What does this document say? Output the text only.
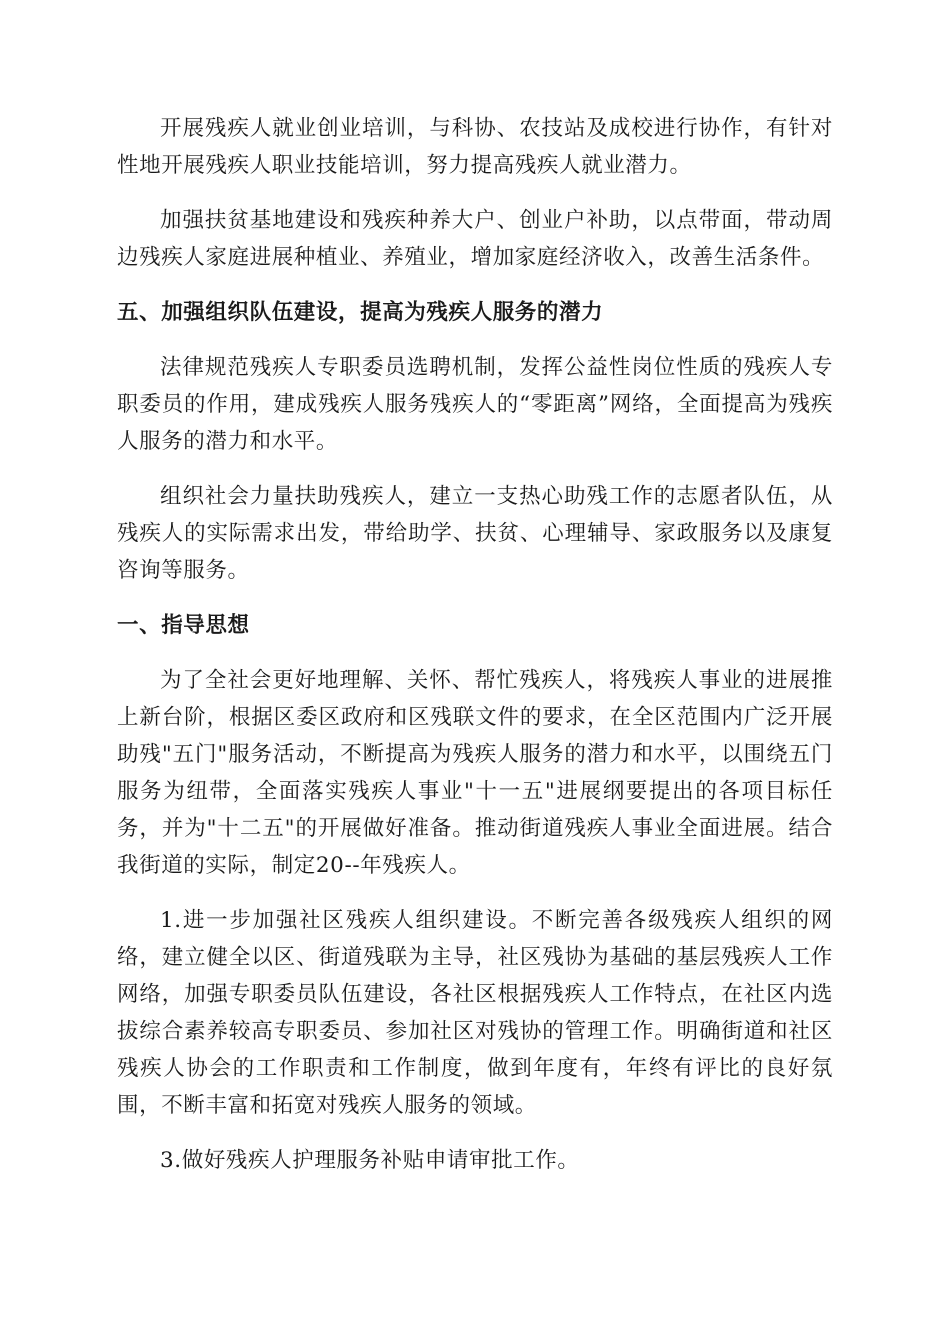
开展残疾人就业创业培训，与科协、农技站及成校进行协作，有针对性地开展残疾人职业技能培训，努力提高残疾人就业潜力。

加强扶贫基地建设和残疾种养大户、创业户补助，以点带面，带动周边残疾人家庭进展种植业、养殖业，增加家庭经济收入，改善生活条件。

五、加强组织队伍建设，提高为残疾人服务的潜力

法律规范残疾人专职委员选聘机制，发挥公益性岗位性质的残疾人专职委员的作用，建成残疾人服务残疾人的“零距离”网络，全面提高为残疾人服务的潜力和水平。

组织社会力量扶助残疾人，建立一支热心助残工作的志愿者队伍，从残疾人的实际需求出发，带给助学、扶贫、心理辅导、家政服务以及康复咨询等服务。

一、指导思想

为了全社会更好地理解、关怀、帮忙残疾人，将残疾人事业的进展推上新台阶，根据区委区政府和区残联文件的要求，在全区范围内广泛开展助残"五门"服务活动，不断提高为残疾人服务的潜力和水平，以围绕五门服务为纽带，全面落实残疾人事业"十一五"进展纲要提出的各项目标任务，并为"十二五"的开展做好准备。推动街道残疾人事业全面进展。结合我街道的实际，制定20--年残疾人。

1.进一步加强社区残疾人组织建设。不断完善各级残疾人组织的网络，建立健全以区、街道残联为主导，社区残协为基础的基层残疾人工作网络，加强专职委员队伍建设，各社区根据残疾人工作特点，在社区内选拔综合素养较高专职委员、参加社区对残协的管理工作。明确街道和社区残疾人协会的工作职责和工作制度，做到年度有，年终有评比的良好氛围，不断丰富和拓宽对残疾人服务的领域。

3.做好残疾人护理服务补贴申请审批工作。
